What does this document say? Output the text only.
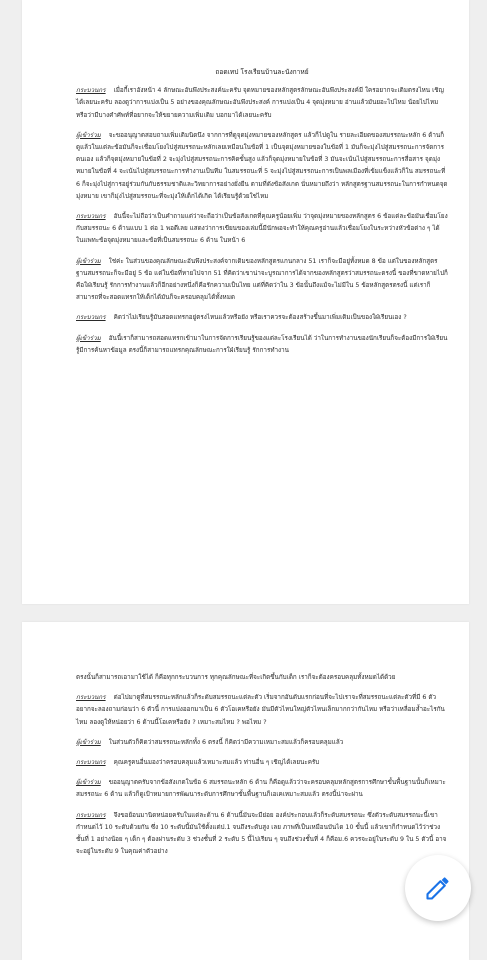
ถอดเทป โรงเรียนบ้านละนังกาหย์

กระบวนกร เมื่อกี้เราอังหน้า 4 ลักษณะอันพึงประสงค์นะครับ จุดหมายของหลักสูตรลักษณะอันพึงประสงค์มี ใครอยากจะเติมตรงไหน เชิญได้เลยนะครับ ลองดูว่าการแบ่งเป็น 5 อย่างของคุณลักษณะอันพึงประสงค์ การแบ่งเป็น 4 จุดมุ่งหมาย อ่านแล้วมันยอะไปไหม น้อยไปไหมหรือว่ามีบางคำศัพท์ที่อยากจะให้ขยายความเพิ่มเติม บอกมาได้เลยนะครับ

ผู้เข้าร่วม จะขออนุญาตสอบถามเพิ่มเติมนิดนึง จากการที่ดูจุดมุ่งหมายของหลักสูตร แล้วก็ไปดูใน รายละเอียดของสมรรถนะหลัก 6 ด้านก็ดูแล้วในแต่ละข้อมันก็จะเชื่อมโยงไปสู่สมรรถนะหลักเลยเหมือนในข้อที่ 1 เป็นจุดมุ่งหมายของในข้อที่ 1 มันก็จะมุ่งไปสู่สมรรถนะการจัดการตนเอง แล้วก็จุดมุ่งหมายในข้อที่ 2 จะมุ่งไปสู่สมรรถนะการคิดขั้นสูง แล้วก็จุดมุ่งหมายในข้อที่ 3 มันจะเน้นไปสู่สมรรถนะการสื่อสาร จุดมุ่งหมายในข้อที่ 4 จะเน้นไปสู่สมรรถนะการทำงานเป็นทีม ในสมรรถนะที่ 5 จะมุ่งไปสู่สมรรถนะการเป็นพลเมืองที่เข้มแข็งแล้วก็ใน สมรรถนะที่ 6 ก็จะมุ่งไปสู่การอยู่ร่วมกันกับธรรมชาติและวิทยาการอย่างยั่งยืน ตามที่ดังข้อสังเกต นั่นหมายถึงว่า หลักสูตรฐานสมรรถนะในการกำหนดจุดมุ่งหมาย เขาก็มุ่งไปสู่สมรรถนะที่จะมุ่งให้เด็กได้เกิด ได้เรียนรู้ด้วยใช่ไหม

กระบวนกร อันนี้จะไม่ถือว่าเป็นคำถามแต่ว่าจะถือว่าเป็นข้อสังเกตที่คุณครูน้อยเพิ่ม ว่าจุดมุ่งหมายของหลักสูตร 6 ข้อแต่ละข้อมันเชื่อมโยงกับสมรรถนะ 6 ด้านแบบ 1 ต่อ 1 พอดีเลย แสดงว่าการเขียนของเล่มนี้มีนักพอจะทำให้คุณครูอ่านแล้วเชื่อมโยงในระหว่างหัวข้อต่าง ๆ ได้ ในแพทะข้อจุดมุ่งหมายและข้อที่เป็นสมรรถนะ 6 ด้าน ในหน้า 6

ผู้เข้าร่วม ใช่ค่ะ ในส่วนของคุณลักษณะอันพึงประสงค์จากเดิมของหลักสูตรแกนกลาง 51 เราก็จะมีอยู่ทั้งหมด 8 ข้อ แต่ในของหลักสูตรฐานสมรรถนะก็จะมีอยู่ 5 ข้อ แต่ในข้อที่หายไปจาก 51 ที่คิดว่าเขาน่าจะบูรณาการได้จากของหลักสูตรว่าสมรรถนะตรงนี้ ของที่ขาดหายไปก็คือใฝ่เรียนรู้ รักการทำงานแล้วก็อีกอย่างหนึ่งก็คือรักความเป็นไทย แต่ที่คิดว่าใน 3 ข้อนั้นถึงแม้จะไม่มีใน 5 ข้อหลักสูตรตรงนี้ แต่เราก็สามารถที่จะสอดแทรกให้เด็กได้มันก็จะครอบคลุมได้ทั้งหมด

กระบวนกร คิดว่าไม่เรียนรู้มันสอดแทรกอยู่ตรงไหนแล้วหรือยัง หรือเราควรจะต้องสร้างขึ้นมาเพิ่มเติมเป็นของใฝ่เรียนเอง ?

ผู้เข้าร่วม อันนี้เราก็สามารถสอดแทรกเข้ามาในการจัดการเรียนรู้ของแต่ละโรงเรียนได้ ว่าในการทำงานของนักเรียนก็จะต้องมีการใฝ่เรียนรู้มีการค้นหาข้อมูล ตรงนี้ก็สามารถแทรกคุณลักษณะการใฝ่เรียนรู้ รักการทำงาน

ตรงนั้นก็สามารถเอามาใช้ได้ ก็คือทุกกระบวนการ ทุกคุณลักษณะที่จะเกิดขึ้นกับเด็ก เราก็จะต้องครอบคลุมทั้งหมดได้ด้วย

กระบวนกร ต่อไปมาดูที่สมรรถนะหลักแล้วก็ระดับสมรรถนะแต่ละตัว เริ่มจากอันดับแรกก่อนที่จะไปเราจะที่สมรรถนะแต่ละตัวที่มี 6 ตัว อยากจะลองถามก่อนว่า 6 ตัวนี้ การแบ่งออกมาเป็น 6 ตัวโอเคหรือยัง มันมีตัวไหนใหญ่ตัวไหนเล็กมากกว่ากันไหม หรือว่าเหลื่อมล้ำอะไรกันไหม ลองดูให้หน่อยว่า 6 ด้านนี้โอเคหรือยัง ? เหมาะสมไหม ? พอไหม ?

ผู้เข้าร่วม ในส่วนตัวก็คิดว่าสมรรถนะหลักทั้ง 6 ตรงนี้ ก็คิดว่ามีความเหมาะสมแล้วก็ครอบคลุมแล้ว

กระบวนกร คุณครูคนอื่นมองว่าครอบคลุมแล้วเหมาะสมแล้ว ท่านอื่น ๆ เชิญได้เลยนะครับ

ผู้เข้าร่วม ขออนุญาตครับจากข้อสังเกตในข้อ 6 สมรรถนะหลัก 6 ด้าน ก็คือดูแล้วว่าจะครอบคลุมหลักสูตรการศึกษาขั้นพื้นฐานนั้นก็เหมาะสมรรถนะ 6 ด้าน แล้วก็ดูเป้าหมายการพัฒนาระดับการศึกษาขั้นพื้นฐานก็เอเคเหมาะสมแล้ว ตรงนี้น่าจะผ่าน

กระบวนกร จึงขอย้อนมานิดหน่อยครับในแต่ละด้าน 6 ด้านนี้มันจะมีย่อย องค์ประกอบแล้วก็ระดับสมรรถนะ ซึ่งตัวระดับสมรรถนะนี้เขากำหนดไว้ 10 ระดับด้วยกัน ซึ่ง 10 ระดับนี้มันใช้ตั้งแต่ป.1 จนถึงระดับสูง เลย ภาพที่เป็นเหมือนบันได 10 ขั้นนี้ แล้วเขาก็กำหนดไว้ว่าช่วงชั้นที่ 1 อย่างน้อย ๆ เด็ก ๆ ต้องผ่านระดับ 3 ช่วงชั้นที่ 2 ระดับ 5 นี้ไปเรียน ๆ จนถึงช่วงชั้นที่ 4 ก็คือม.6 ควรจะอยู่ในระดับ 9 ใน 5 ตัวนี้ อาจจะอยู่ในระดับ 9 ในคุณค่าตัวอย่าง
